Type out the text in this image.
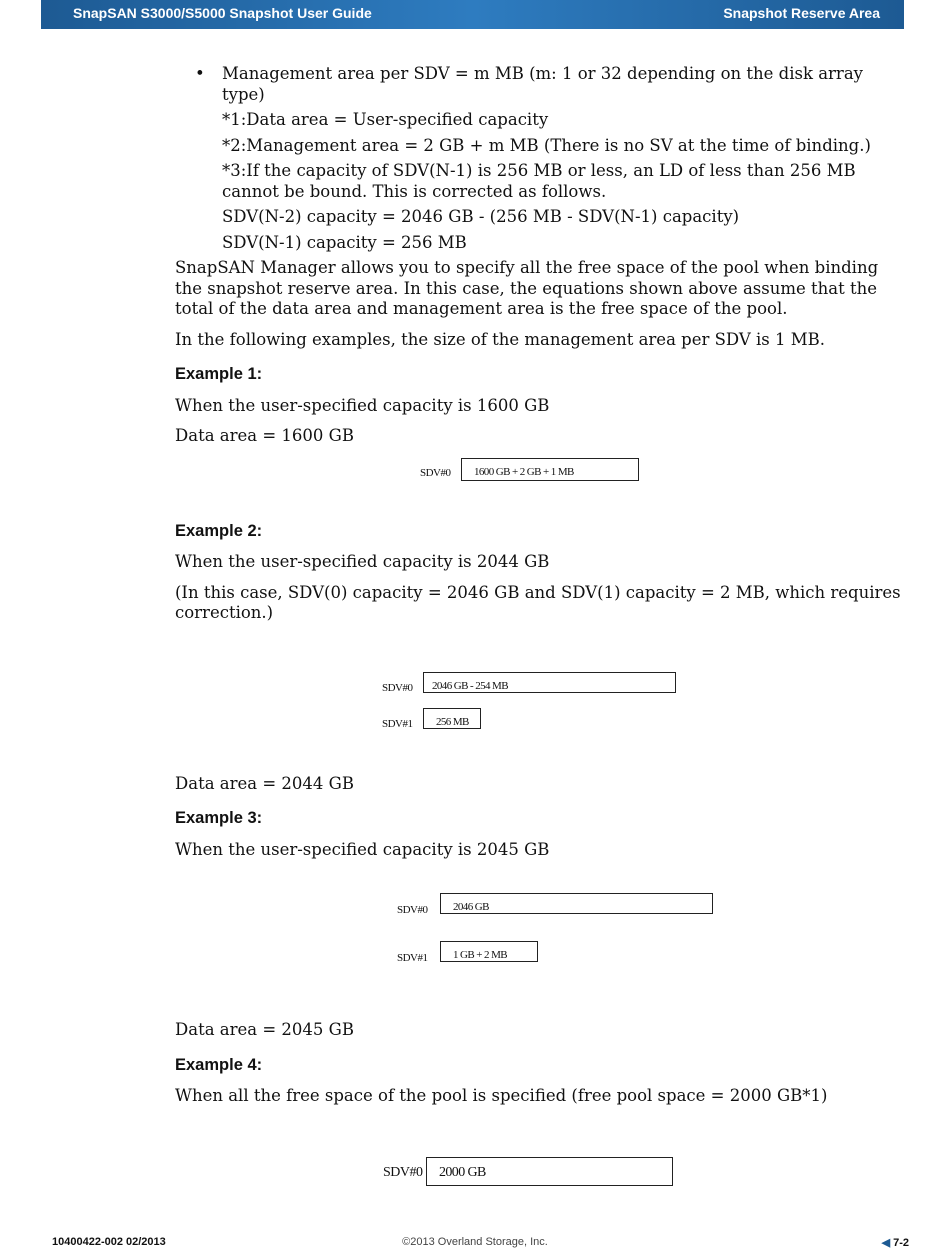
SnapSAN S3000/S5000 Snapshot User Guide	Snapshot Reserve Area
• Management area per SDV = m MB (m: 1 or 32 depending on the disk array type)
*1:Data area = User-specified capacity
*2:Management area = 2 GB + m MB (There is no SV at the time of binding.)
*3:If the capacity of SDV(N-1) is 256 MB or less, an LD of less than 256 MB cannot be bound. This is corrected as follows.
SDV(N-2) capacity = 2046 GB - (256 MB - SDV(N-1) capacity)
SDV(N-1) capacity = 256 MB
SnapSAN Manager allows you to specify all the free space of the pool when binding the snapshot reserve area. In this case, the equations shown above assume that the total of the data area and management area is the free space of the pool.
In the following examples, the size of the management area per SDV is 1 MB.
Example 1:
When the user-specified capacity is 1600 GB
Data area = 1600 GB
SDV#0	1600 GB + 2 GB + 1 MB
Example 2:
When the user-specified capacity is 2044 GB
(In this case, SDV(0) capacity = 2046 GB and SDV(1) capacity = 2 MB, which requires correction.)
SDV#0	2046 GB - 254 MB
SDV#1	256 MB
Data area = 2044 GB
Example 3:
When the user-specified capacity is 2045 GB
SDV#0	2046 GB
SDV#1	1 GB + 2 MB
Data area = 2045 GB
Example 4:
When all the free space of the pool is specified (free pool space = 2000 GB*1)
SDV#0	2000 GB
10400422-002 02/2013	©2013 Overland Storage, Inc.	◀ 7-2
